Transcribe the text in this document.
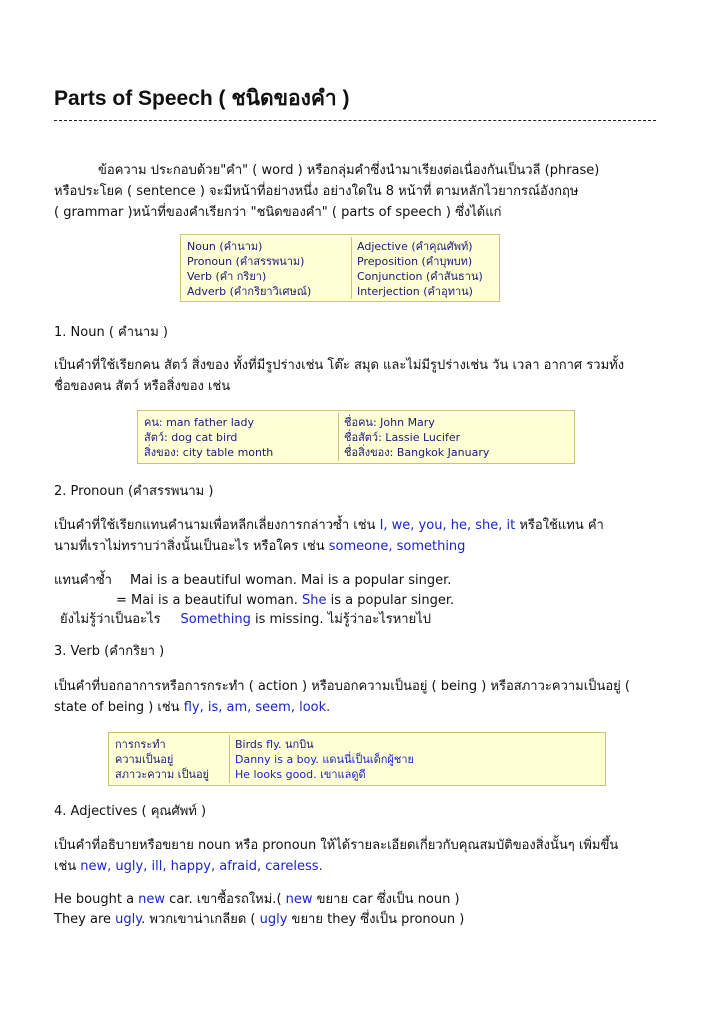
Parts of Speech ( ชนิดของคำ )
ข้อความ ประกอบด้วย"คำ" ( word ) หรือกลุ่มคำซึ่งนำมาเรียงต่อเนื่องกันเป็นวลี (phrase)
หรือประโยค ( sentence ) จะมีหน้าที่อย่างหนึ่ง อย่างใดใน 8 หน้าที่ ตามหลักไวยากรณ์อังกฤษ
( grammar )หน้าที่ของคำเรียกว่า "ชนิดของคำ" ( parts of speech ) ซึ่งได้แก่
Noun (คำนาม)
Pronoun (คำสรรพนาม)
Verb (คำ กริยา)
Adverb (คำกริยาวิเศษณ์)
Adjective (คำคุณศัพท์)
Preposition (คำบุพบท)
Conjunction (คำสันธาน)
Interjection (คำอุทาน)
1. Noun ( คำนาม )
เป็นคำที่ใช้เรียกคน สัตว์ สิ่งของ ทั้งที่มีรูปร่างเช่น โต๊ะ สมุด และไม่มีรูปร่างเช่น วัน เวลา อากาศ รวมทั้ง
ชื่อของคน สัตว์ หรือสิ่งของ เช่น
คน: man father lady
สัตว์: dog cat bird
สิ่งของ: city table month
ชื่อคน: John Mary
ชื่อสัตว์: Lassie Lucifer
ชื่อสิ่งของ: Bangkok January
2. Pronoun (คำสรรพนาม )
เป็นคำที่ใช้เรียกแทนคำนามเพื่อหลีกเลี่ยงการกล่าวซ้ำ เช่น I, we, you, he, she, it หรือใช้แทน คำ
นามที่เราไม่ทราบว่าสิ่งนั้นเป็นอะไร หรือใคร เช่น someone, something
แทนคำซ้ำ Mai is a beautiful woman. Mai is a popular singer.
= Mai is a beautiful woman. She is a popular singer.
ยังไม่รู้ว่าเป็นอะไร Something is missing. ไม่รู้ว่าอะไรหายไป
3. Verb (คำกริยา )
เป็นคำที่บอกอาการหรือการกระทำ ( action ) หรือบอกความเป็นอยู่ ( being ) หรือสภาวะความเป็นอยู่ (
state of being ) เช่น fly, is, am, seem, look.
การกระทำ
ความเป็นอยู่
สภาวะความ เป็นอยู่
Birds fly. นกบิน
Danny is a boy. แดนนี่เป็นเด็กผู้ชาย
He looks good. เขาแลดูดี
4. Adjectives ( คุณศัพท์ )
เป็นคำที่อธิบายหรือขยาย noun หรือ pronoun ให้ได้รายละเอียดเกี่ยวกับคุณสมบัติของสิ่งนั้นๆ เพิ่มขึ้น
เช่น new, ugly, ill, happy, afraid, careless.
He bought a new car. เขาซื้อรถใหม่.( new ขยาย car ซึ่งเป็น noun )
They are ugly. พวกเขาน่าเกลียด ( ugly ขยาย they ซึ่งเป็น pronoun )
